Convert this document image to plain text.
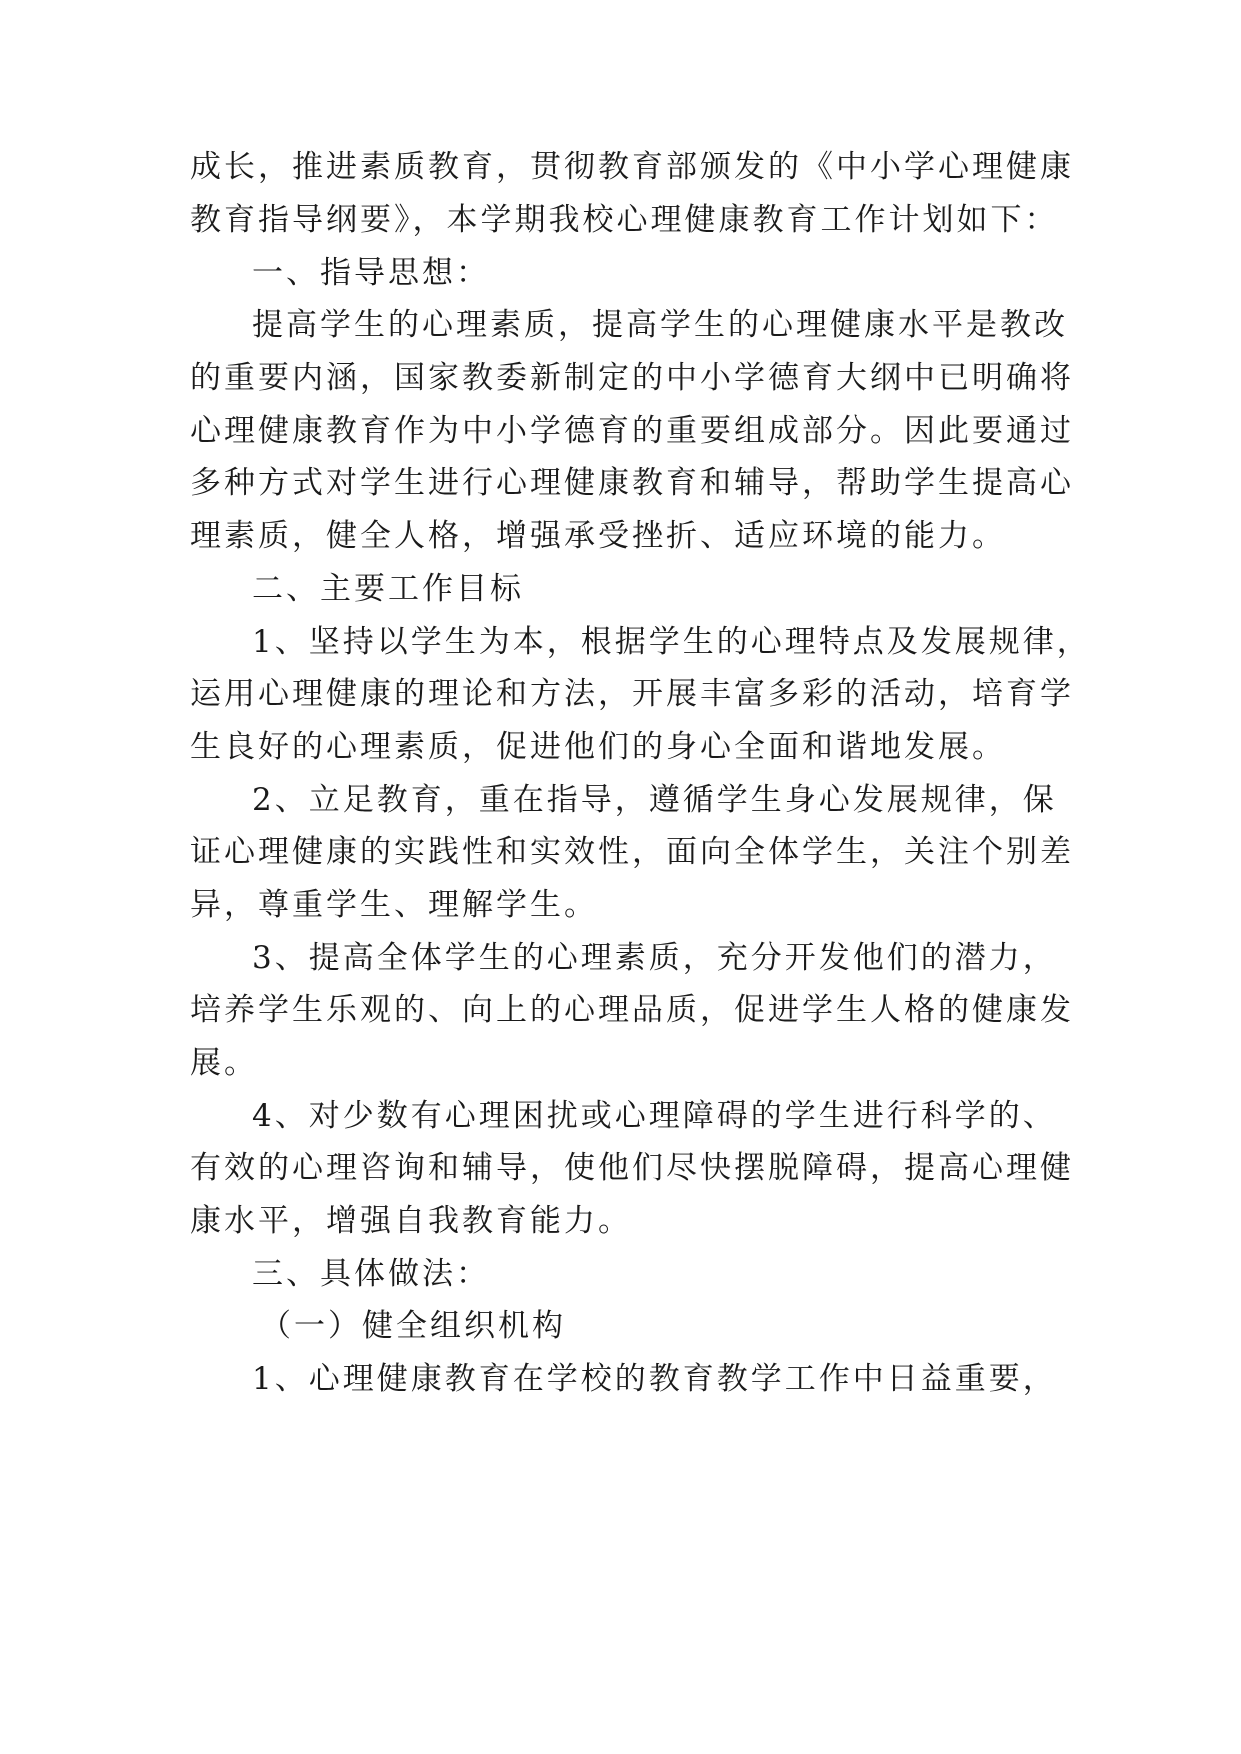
成长，推进素质教育，贯彻教育部颁发的《中小学心理健康

教育指导纲要》，本学期我校心理健康教育工作计划如下：

一、指导思想：

提高学生的心理素质，提高学生的心理健康水平是教改

的重要内涵，国家教委新制定的中小学德育大纲中已明确将

心理健康教育作为中小学德育的重要组成部分。因此要通过

多种方式对学生进行心理健康教育和辅导，帮助学生提高心

理素质，健全人格，增强承受挫折、适应环境的能力。

二、主要工作目标

1、坚持以学生为本，根据学生的心理特点及发展规律，

运用心理健康的理论和方法，开展丰富多彩的活动，培育学

生良好的心理素质，促进他们的身心全面和谐地发展。

2、立足教育，重在指导，遵循学生身心发展规律，保

证心理健康的实践性和实效性，面向全体学生，关注个别差

异，尊重学生、理解学生。

3、提高全体学生的心理素质，充分开发他们的潜力，

培养学生乐观的、向上的心理品质，促进学生人格的健康发

展。

4、对少数有心理困扰或心理障碍的学生进行科学的、

有效的心理咨询和辅导，使他们尽快摆脱障碍，提高心理健

康水平，增强自我教育能力。

三、具体做法：

（一）健全组织机构

1、心理健康教育在学校的教育教学工作中日益重要，
